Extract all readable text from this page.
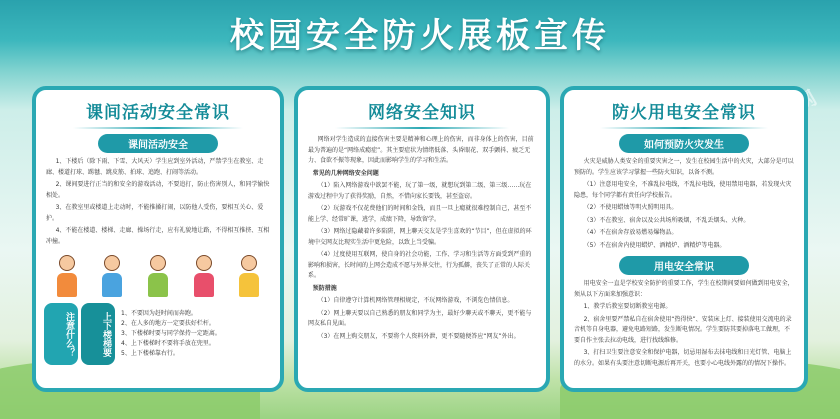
校园安全防火展板宣传
课间活动安全常识
课间活动安全

1、下楼后（除下雨、下雪、大风天）学生应到室外活动，严禁学生在教室、走廊、楼道打球、踢毽、跳皮筋、拍球、追跑、打闹等活动。

2、课间要进行正当的和安全的游戏活动，不要追打，防止伤害别人，和同学愉快相处。

3、在教室里或楼道上走动时，不能推搡打闹，以防他人受伤，要相互关心、爱护。

4、不能在楼道、楼梯、走廊、操场行走，应有礼貌地让路，不得相互推挤、互相冲撞。

注意什么？	上下楼梯要	1、不要因为赶时间而奔跑。
2、在人多的地方一定要扶好栏杆。
3、下楼梯时要与同学保持一定距离。
4、上下楼梯时不要将手放在兜里。
5、上下楼梯靠右行。
网络安全知识

网络对学生造成的直接伤害主要是精神和心理上的伤害，而非身体上的伤害，目前最为普遍的是“网络成瘾症”。其主要症状为情绪低落、头昏眼花、双手颤抖、疲乏无力、食欲不振等现象，因此而影响学生的学习和生活。

常见的几种网络安全问题

（1）陷入网络游戏中欲罢不能，玩了第一级，就想玩到第二级、第三级……玩在游戏过程中为了获得奖励，自然，不惜向家长要钱，甚至盗窃。

（2）玩游戏不仅花费他们的时间和金钱，而且一旦上瘾就很难控制自己，甚至不能上学、经常旷课，逃学，成绩下降，导致留学。

（3）网络过隐藏着许多陷阱，网上聊天交友是学生喜欢的“节目”，但在虚拟的环境中交网友比现实生活中更危险，以致上当受骗。

（4）过度使用互联网，使自身的社会功能，工作、学习和生活等方面受到严重的影响和损害，长时间的上网会造成不愿与外界交往，行为孤僻，丧失了正常的人际关系。

预防措施

（1）自律遵守计算机网络管理相规定，不玩网络游戏，不浏览色情信息。

（2）网上聊天要以自己熟悉的朋友和同学为主，最好少聊天或不聊天，更不能与网友私自见面。

（3）在网上购交朋友，不要将个人资料外泄，更不要随便答应“网友”外出。

防火用电安全常识
如何预防火灾发生

火灾是威胁人类安全的重要灾害之一，发生在校园生活中的火灾，大部分是可以预防的。学生应该学习掌握一些防火知识，以备不测。

（1）注意用电安全，不准乱拉电线，不乱拉电线，使用禁用电器，若发现火灾隐患，每个同学都有责任向学校报告。

（2）不使用蜡烛等明火照明用具。

（3）不在教室、宿舍以及公共场所吸烟，不乱丢烟头、火种。

（4）不在宿舍存放易燃易爆物品。

（5）不在宿舍内使用蜡炉、酒精炉、酒精炉等电器。

用电安全常识

用电安全一直是学校安全防护的重要工作，学生在校期间要如何做到用电安全，须从以下方面来加强意识：

1、教学后教室要切断教室电源。

2、宿舍里要严禁私自在宿舍使用“热得快”、安装床上灯、接装使用交流电的录音机等自身电器，避免电路短路，发生断电情况。学生要防其要掉落电工做理，不要自作主张去拉动电线，进行找线维修。

3、打扫卫生要注意安全和保护电器，切忌用湿布去抹电线和日光灯管、电脑上的水分。如果有头要注意切断电源后再开关，也要小心电线外露的的情况下操作。
